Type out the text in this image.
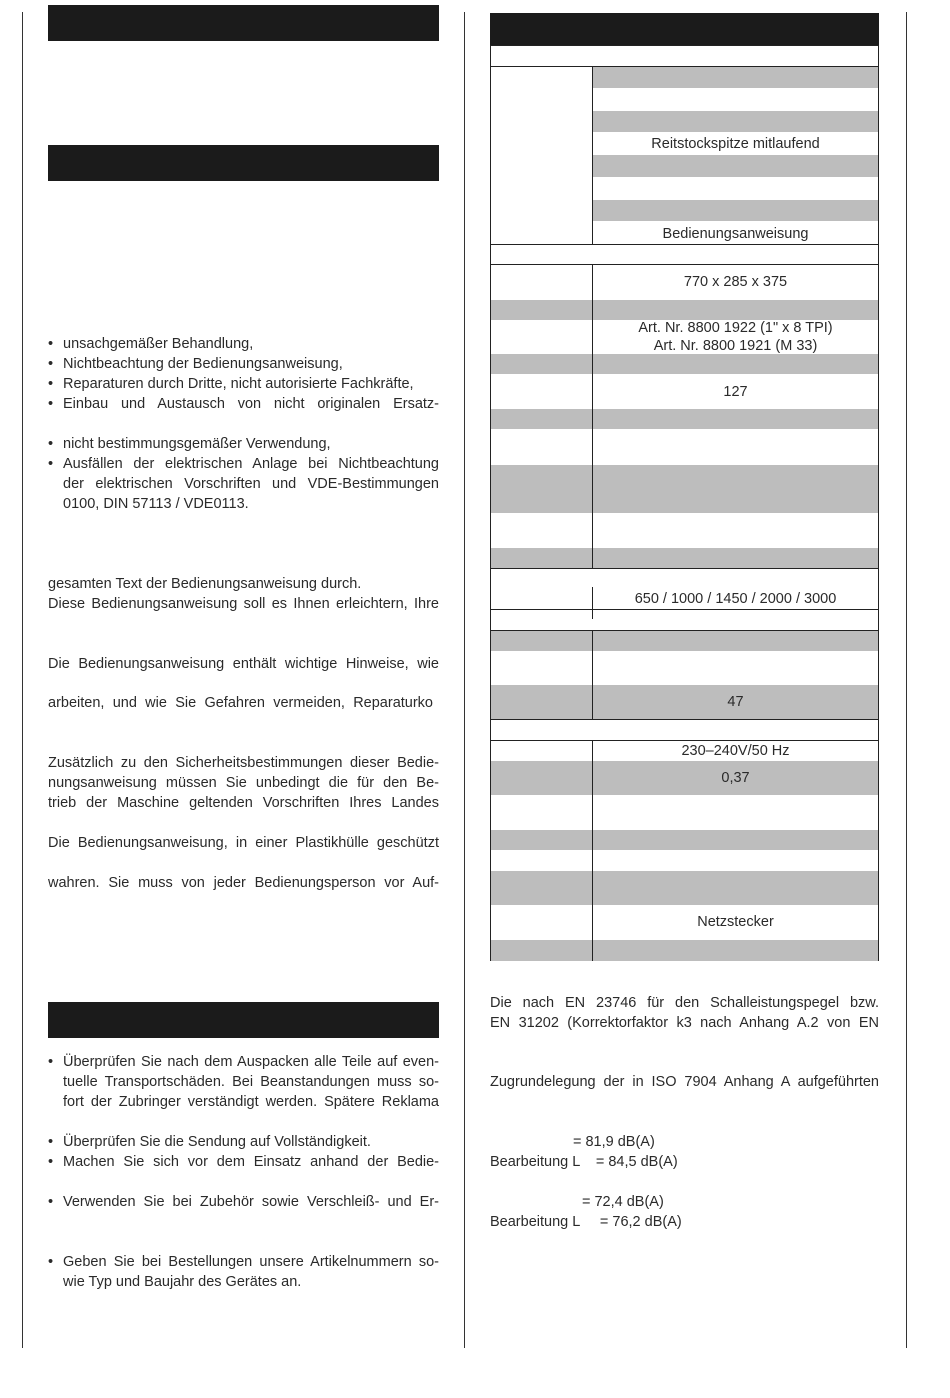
• unsachgemäßer Behandlung,
• Nichtbeachtung der Bedienungsanweisung,
• Reparaturen durch Dritte, nicht autorisierte Fachkräfte,
• Einbau und Austausch von nicht originalen Ersatz-
• nicht bestimmungsgemäßer Verwendung,
• Ausfällen der elektrischen Anlage bei Nichtbeachtung
der elektrischen Vorschriften und VDE-Bestimmungen
0100, DIN 57113 / VDE0113.
gesamten Text der Bedienungsanweisung durch.
Diese Bedienungsanweisung soll es Ihnen erleichtern, Ihre
Die Bedienungsanweisung enthält wichtige Hinweise, wie
arbeiten, und wie Sie Gefahren vermeiden, Reparaturko
Zusätzlich zu den Sicherheitsbestimmungen dieser Bedie-
nungsanweisung müssen Sie unbedingt die für den Be-
trieb der Maschine geltenden Vorschriften Ihres Landes
Die Bedienungsanweisung, in einer Plastikhülle geschützt
wahren. Sie muss von jeder Bedienungsperson vor Auf-
• Überprüfen Sie nach dem Auspacken alle Teile auf even-
tuelle Transportschäden. Bei Beanstandungen muss so-
fort der Zubringer verständigt werden. Spätere Reklama
• Überprüfen Sie die Sendung auf Vollständigkeit.
• Machen Sie sich vor dem Einsatz anhand der Bedie-
• Verwenden Sie bei Zubehör sowie Verschleiß- und Er-
• Geben Sie bei Bestellungen unsere Artikelnummern so-
wie Typ und Baujahr des Gerätes an.
Reitstockspitze mitlaufend
Bedienungsanweisung
770 x 285 x 375
Art. Nr. 8800 1922 (1" x 8 TPI)
Art. Nr. 8800 1921 (M 33)
127
650 / 1000 / 1450 / 2000 / 3000
47
230–240V/50 Hz
0,37
Netzstecker
Die nach EN 23746 für den Schalleistungspegel bzw.
EN 31202 (Korrektorfaktor k3 nach Anhang A.2 von EN
Zugrundelegung der in ISO 7904 Anhang A aufgeführten
= 81,9 dB(A)
Bearbeitung L    = 84,5 dB(A)
= 72,4 dB(A)
Bearbeitung L     = 76,2 dB(A)
